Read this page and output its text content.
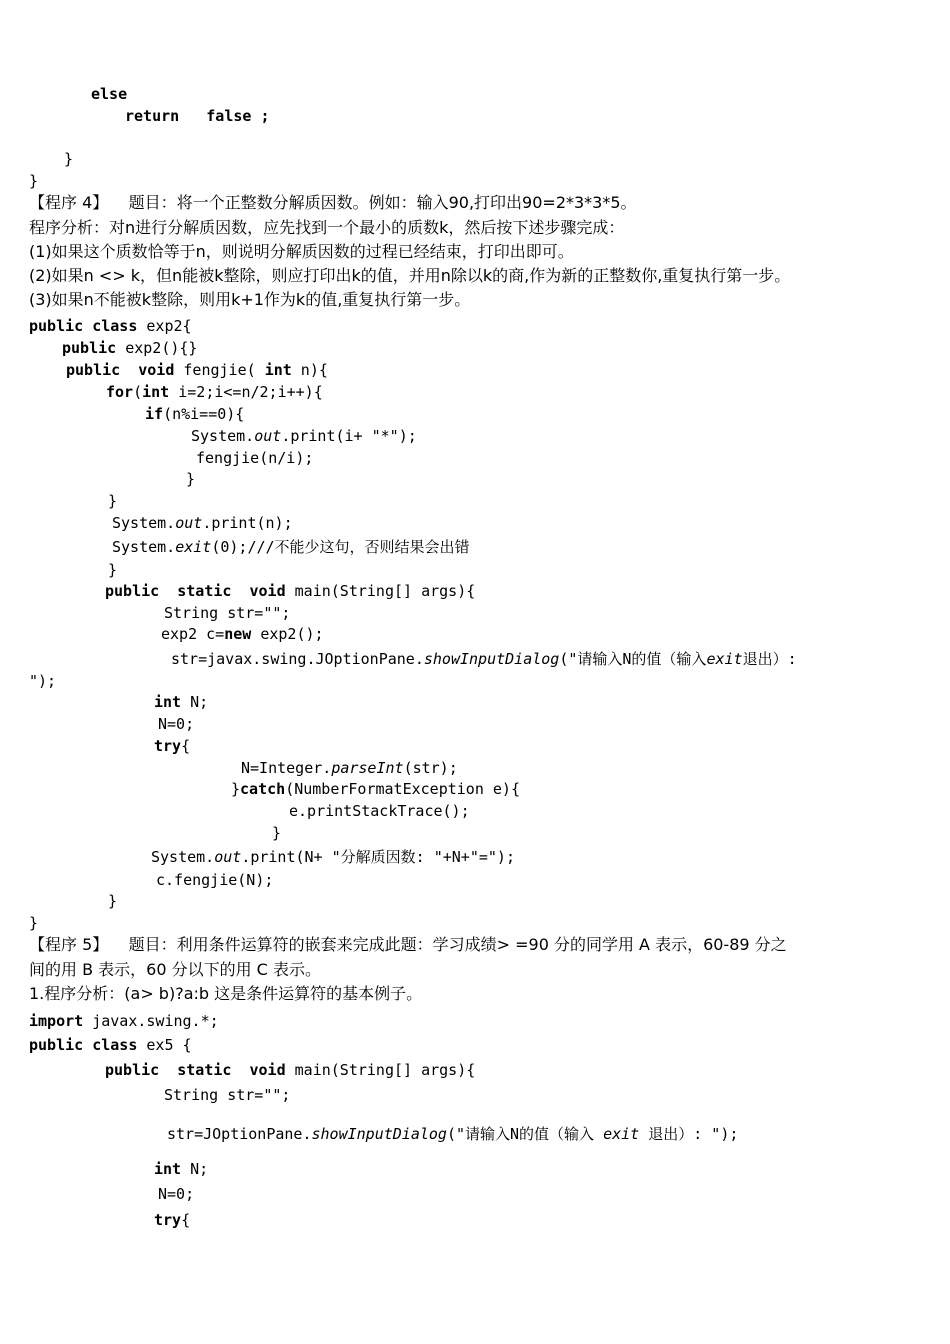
else
return   false ;
}
}
【程序 4】    题目：将一个正整数分解质因数。例如：输入90,打印出90=2*3*3*5。
程序分析：对n进行分解质因数，应先找到一个最小的质数k，然后按下述步骤完成：
(1)如果这个质数恰等于n，则说明分解质因数的过程已经结束，打印出即可。
(2)如果n <> k，但n能被k整除，则应打印出k的值，并用n除以k的商,作为新的正整数你,重复执行第一步。
(3)如果n不能被k整除，则用k+1作为k的值,重复执行第一步。
public class exp2{
public exp2(){}
public void fengjie( int n){
for(int i=2;i<=n/2;i++){
if(n%i==0){
System.out.print(i+ "*");
fengjie(n/i);
}
}
System.out.print(n);
System.exit(0);///不能少这句，否则结果会出错
}
public static void main(String[] args){
String str="";
exp2 c=new exp2();
str=javax.swing.JOptionPane.showInputDialog("请输入N的值（输入exit退出）:
");
int N;
N=0;
try{
N=Integer.parseInt(str);
}catch(NumberFormatException e){
e.printStackTrace();
}
System.out.print(N+ "分解质因数: "+N+"=");
c.fengjie(N);
}
}
【程序 5】    题目：利用条件运算符的嵌套来完成此题：学习成绩> =90 分的同学用 A 表示，60-89 分之
间的用 B 表示，60 分以下的用 C 表示。
1.程序分析：(a> b)?a:b 这是条件运算符的基本例子。
import javax.swing.*;
public class ex5 {
public static void main(String[] args){
String str="";
str=JOptionPane.showInputDialog("请输入N的值（输入 exit 退出）: ");
int N;
N=0;
try{
